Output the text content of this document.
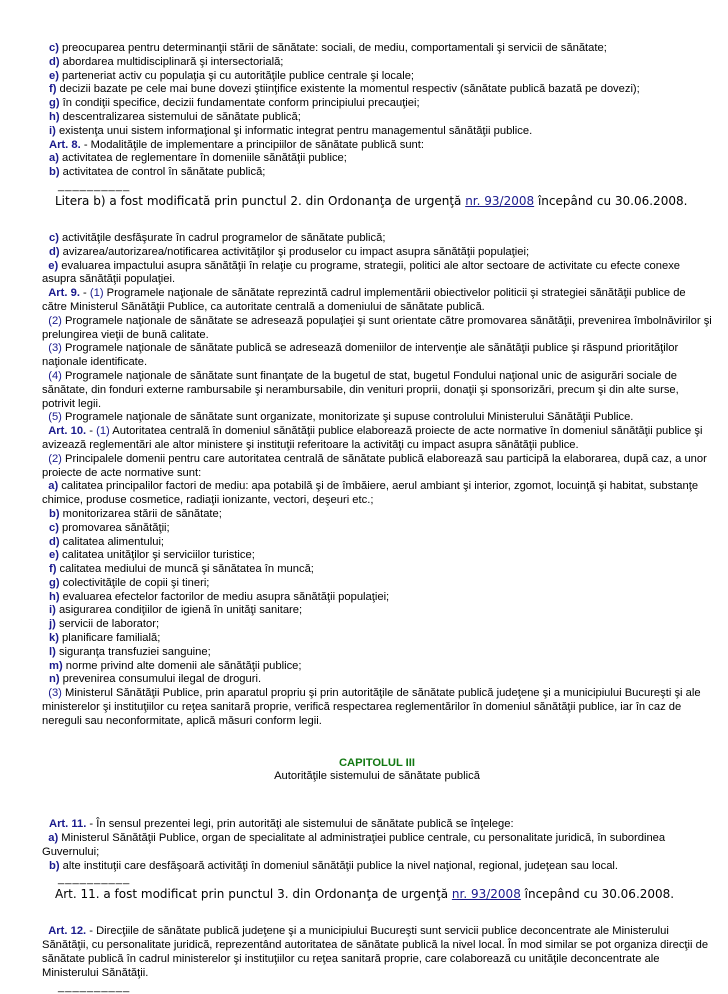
c) preocuparea pentru determinanţii stării de sănătate: sociali, de mediu, comportamentali şi servicii de sănătate;

d) abordarea multidisciplinară şi intersectorială;

e) parteneriat activ cu populaţia şi cu autorităţile publice centrale şi locale;

f) decizii bazate pe cele mai bune dovezi ştiinţifice existente la momentul respectiv (sănătate publică bazată pe dovezi);

g) în condiţii specifice, decizii fundamentate conform principiului precauţiei;

h) descentralizarea sistemului de sănătate publică;

i) existenţa unui sistem informaţional şi informatic integrat pentru managementul sănătăţii publice.

Art. 8. - Modalităţile de implementare a principiilor de sănătate publică sunt:

a) activitatea de reglementare în domeniile sănătăţii publice;

b) activitatea de control în sănătate publică;

__________
Litera b) a fost modificată prin punctul 2. din Ordonanţa de urgenţă nr. 93/2008 începând cu 30.06.2008.

c) activităţile desfăşurate în cadrul programelor de sănătate publică;

d) avizarea/autorizarea/notificarea activităţilor şi produselor cu impact asupra sănătăţii populaţiei;

e) evaluarea impactului asupra sănătăţii în relaţie cu programe, strategii, politici ale altor sectoare de activitate cu efecte conexe asupra sănătăţii populaţiei.

Art. 9. - (1) Programele naţionale de sănătate reprezintă cadrul implementării obiectivelor politicii şi strategiei sănătăţii publice de către Ministerul Sănătăţii Publice, ca autoritate centrală a domeniului de sănătate publică.

(2) Programele naţionale de sănătate se adresează populaţiei şi sunt orientate către promovarea sănătăţii, prevenirea îmbolnăvirilor şi prelungirea vieţii de bună calitate.

(3) Programele naţionale de sănătate publică se adresează domeniilor de intervenţie ale sănătăţii publice şi răspund priorităţilor naţionale identificate.

(4) Programele naţionale de sănătate sunt finanţate de la bugetul de stat, bugetul Fondului naţional unic de asigurări sociale de sănătate, din fonduri externe rambursabile şi nerambursabile, din venituri proprii, donaţii şi sponsorizări, precum şi din alte surse, potrivit legii.

(5) Programele naţionale de sănătate sunt organizate, monitorizate şi supuse controlului Ministerului Sănătăţii Publice.

Art. 10. - (1) Autoritatea centrală în domeniul sănătăţii publice elaborează proiecte de acte normative în domeniul sănătăţii publice şi avizează reglementări ale altor ministere şi instituţii referitoare la activităţi cu impact asupra sănătăţii publice.

(2) Principalele domenii pentru care autoritatea centrală de sănătate publică elaborează sau participă la elaborarea, după caz, a unor proiecte de acte normative sunt:

a) calitatea principalilor factori de mediu: apa potabilă şi de îmbăiere, aerul ambiant şi interior, zgomot, locuinţă şi habitat, substanţe chimice, produse cosmetice, radiaţii ionizante, vectori, deşeuri etc.;

b) monitorizarea stării de sănătate;

c) promovarea sănătăţii;

d) calitatea alimentului;

e) calitatea unităţilor şi serviciilor turistice;

f) calitatea mediului de muncă şi sănătatea în muncă;

g) colectivităţile de copii şi tineri;

h) evaluarea efectelor factorilor de mediu asupra sănătăţii populaţiei;

i) asigurarea condiţiilor de igienă în unităţi sanitare;

j) servicii de laborator;

k) planificare familială;

l) siguranţa transfuziei sanguine;

m) norme privind alte domenii ale sănătăţii publice;

n) prevenirea consumului ilegal de droguri.

(3) Ministerul Sănătăţii Publice, prin aparatul propriu şi prin autorităţile de sănătate publică judeţene şi a municipiului Bucureşti şi ale ministerelor şi instituţiilor cu reţea sanitară proprie, verifică respectarea reglementărilor în domeniul sănătăţii publice, iar în caz de nereguli sau neconformitate, aplică măsuri conform legii.

CAPITOLUL III
Autorităţile sistemului de sănătate publică

Art. 11. - În sensul prezentei legi, prin autorităţi ale sistemului de sănătate publică se înţelege:

a) Ministerul Sănătăţii Publice, organ de specialitate al administraţiei publice centrale, cu personalitate juridică, în subordinea Guvernului;

b) alte instituţii care desfăşoară activităţi în domeniul sănătăţii publice la nivel naţional, regional, judeţean sau local.

__________
Art. 11. a fost modificat prin punctul 3. din Ordonanţa de urgenţă nr. 93/2008 începând cu 30.06.2008.

Art. 12. - Direcţiile de sănătate publică judeţene şi a municipiului Bucureşti sunt servicii publice deconcentrate ale Ministerului Sănătăţii, cu personalitate juridică, reprezentând autoritatea de sănătate publică la nivel local. În mod similar se pot organiza direcţii de sănătate publică în cadrul ministerelor şi instituţiilor cu reţea sanitară proprie, care colaborează cu unităţile deconcentrate ale Ministerului Sănătăţii.

__________
